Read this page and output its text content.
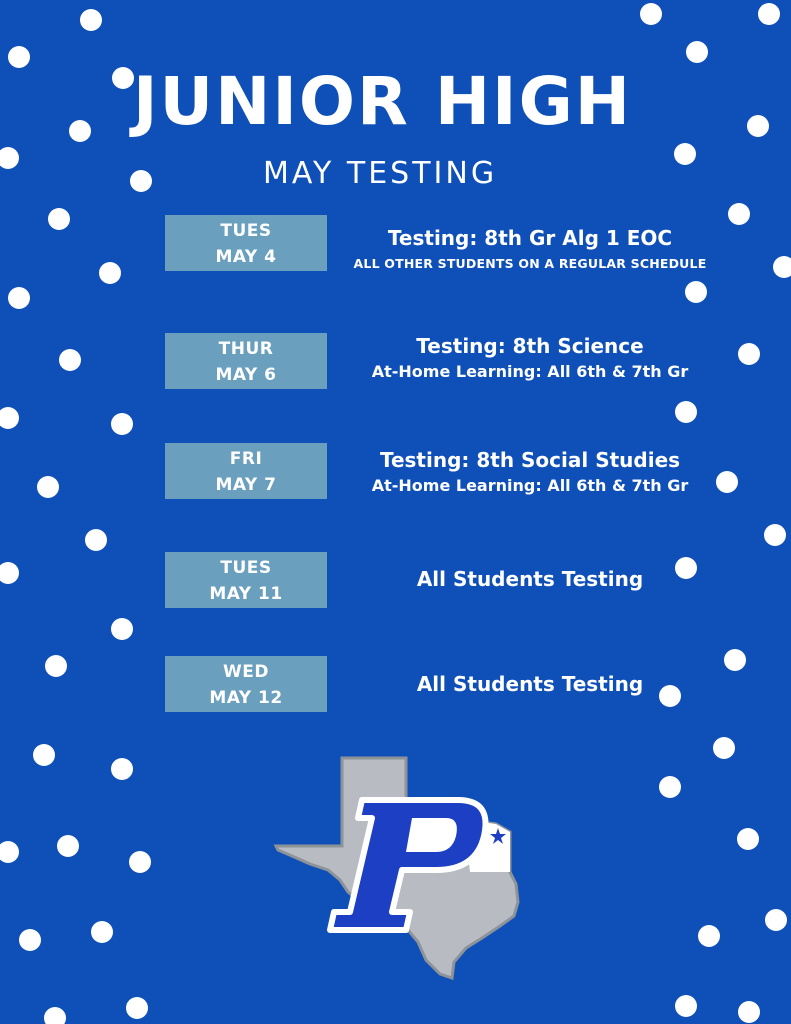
JUNIOR HIGH
MAY TESTING
TUES
MAY 4
Testing: 8th Gr Alg 1 EOC
ALL OTHER STUDENTS ON A REGULAR SCHEDULE
THUR
MAY 6
Testing: 8th Science
At-Home Learning: All 6th & 7th Gr
FRI
MAY 7
Testing: 8th Social Studies
At-Home Learning: All 6th & 7th Gr
TUES
MAY 11
All Students Testing
WED
MAY 12
All Students Testing
